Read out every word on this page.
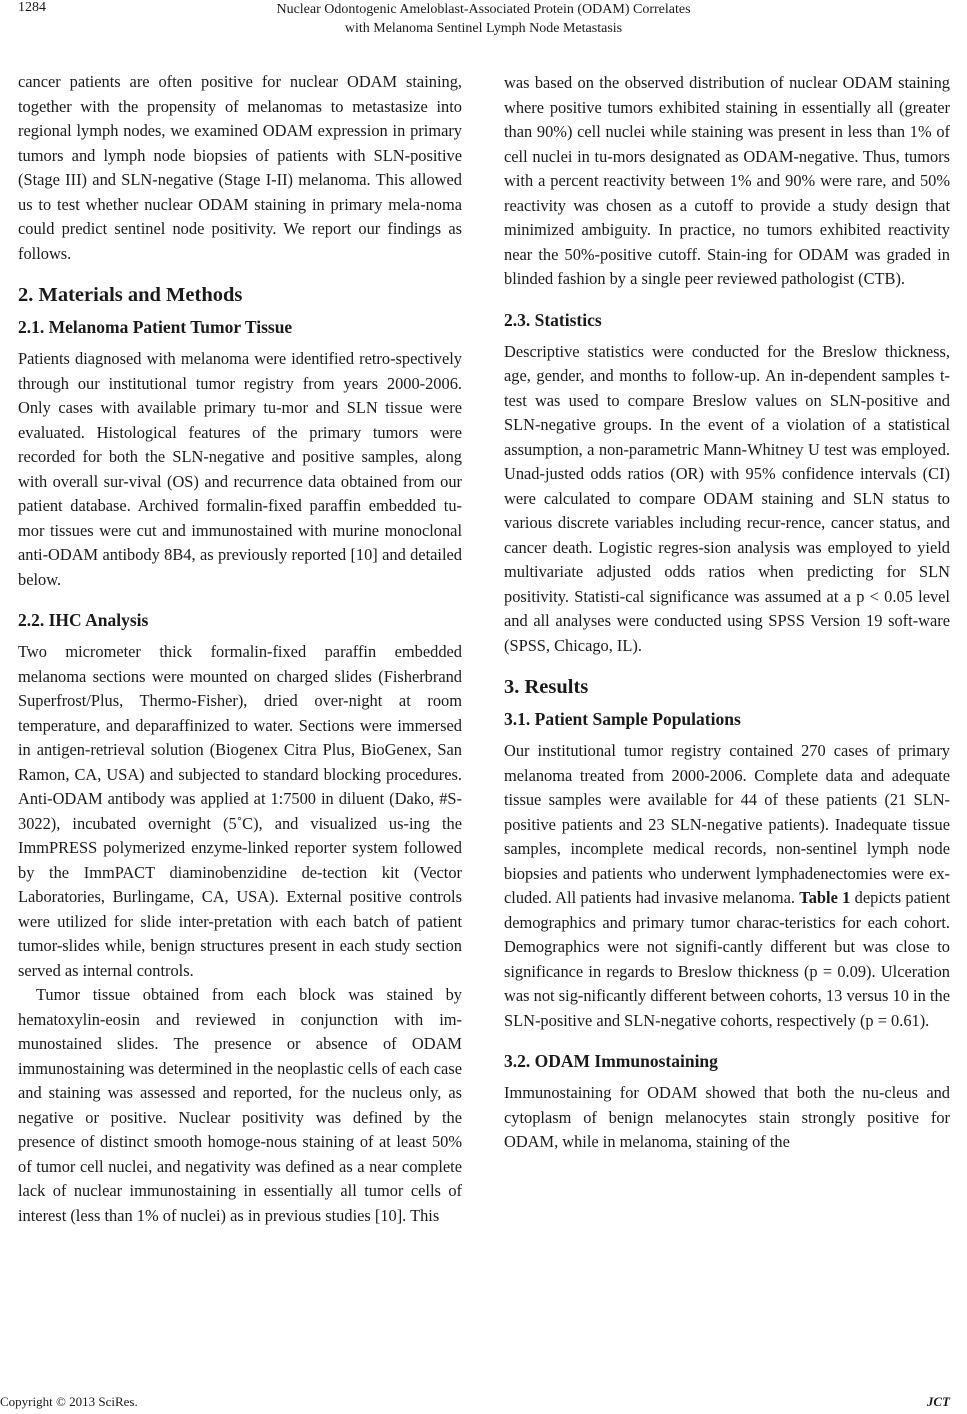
1284	Nuclear Odontogenic Ameloblast-Associated Protein (ODAM) Correlates
with Melanoma Sentinel Lymph Node Metastasis

cancer patients are often positive for nuclear ODAM staining, together with the propensity of melanomas to metastasize into regional lymph nodes, we examined ODAM expression in primary tumors and lymph node biopsies of patients with SLN-positive (Stage III) and SLN-negative (Stage I-II) melanoma. This allowed us to test whether nuclear ODAM staining in primary mela-noma could predict sentinel node positivity. We report our findings as follows.

2. Materials and Methods
2.1. Melanoma Patient Tumor Tissue

Patients diagnosed with melanoma were identified retro-spectively through our institutional tumor registry from years 2000-2006. Only cases with available primary tu-mor and SLN tissue were evaluated. Histological features of the primary tumors were recorded for both the SLN-negative and positive samples, along with overall sur-vival (OS) and recurrence data obtained from our patient database. Archived formalin-fixed paraffin embedded tu-mor tissues were cut and immunostained with murine monoclonal anti-ODAM antibody 8B4, as previously reported [10] and detailed below.

2.2. IHC Analysis

Two micrometer thick formalin-fixed paraffin embedded melanoma sections were mounted on charged slides (Fisherbrand Superfrost/Plus, Thermo-Fisher), dried over-night at room temperature, and deparaffinized to water. Sections were immersed in antigen-retrieval solution (Biogenex Citra Plus, BioGenex, San Ramon, CA, USA) and subjected to standard blocking procedures. Anti-ODAM antibody was applied at 1:7500 in diluent (Dako, #S-3022), incubated overnight (5˚C), and visualized us-ing the ImmPRESS polymerized enzyme-linked reporter system followed by the ImmPACT diaminobenzidine de-tection kit (Vector Laboratories, Burlingame, CA, USA). External positive controls were utilized for slide inter-pretation with each batch of patient tumor-slides while, benign structures present in each study section served as internal controls.

Tumor tissue obtained from each block was stained by hematoxylin-eosin and reviewed in conjunction with im-munostained slides. The presence or absence of ODAM immunostaining was determined in the neoplastic cells of each case and staining was assessed and reported, for the nucleus only, as negative or positive. Nuclear positivity was defined by the presence of distinct smooth homoge-nous staining of at least 50% of tumor cell nuclei, and negativity was defined as a near complete lack of nuclear immunostaining in essentially all tumor cells of interest (less than 1% of nuclei) as in previous studies [10]. This

was based on the observed distribution of nuclear ODAM staining where positive tumors exhibited staining in essentially all (greater than 90%) cell nuclei while staining was present in less than 1% of cell nuclei in tu-mors designated as ODAM-negative. Thus, tumors with a percent reactivity between 1% and 90% were rare, and 50% reactivity was chosen as a cutoff to provide a study design that minimized ambiguity. In practice, no tumors exhibited reactivity near the 50%-positive cutoff. Stain-ing for ODAM was graded in blinded fashion by a single peer reviewed pathologist (CTB).

2.3. Statistics

Descriptive statistics were conducted for the Breslow thickness, age, gender, and months to follow-up. An in-dependent samples t-test was used to compare Breslow values on SLN-positive and SLN-negative groups. In the event of a violation of a statistical assumption, a non-parametric Mann-Whitney U test was employed. Unad-justed odds ratios (OR) with 95% confidence intervals (CI) were calculated to compare ODAM staining and SLN status to various discrete variables including recur-rence, cancer status, and cancer death. Logistic regres-sion analysis was employed to yield multivariate adjusted odds ratios when predicting for SLN positivity. Statisti-cal significance was assumed at a p < 0.05 level and all analyses were conducted using SPSS Version 19 soft-ware (SPSS, Chicago, IL).

3. Results
3.1. Patient Sample Populations

Our institutional tumor registry contained 270 cases of primary melanoma treated from 2000-2006. Complete data and adequate tissue samples were available for 44 of these patients (21 SLN-positive patients and 23 SLN-negative patients). Inadequate tissue samples, incomplete medical records, non-sentinel lymph node biopsies and patients who underwent lymphadenectomies were ex-cluded. All patients had invasive melanoma. Table 1 depicts patient demographics and primary tumor charac-teristics for each cohort. Demographics were not signifi-cantly different but was close to significance in regards to Breslow thickness (p = 0.09). Ulceration was not sig-nificantly different between cohorts, 13 versus 10 in the SLN-positive and SLN-negative cohorts, respectively (p = 0.61).

3.2. ODAM Immunostaining

Immunostaining for ODAM showed that both the nu-cleus and cytoplasm of benign melanocytes stain strongly positive for ODAM, while in melanoma, staining of the

Copyright © 2013 SciRes.	JCT
